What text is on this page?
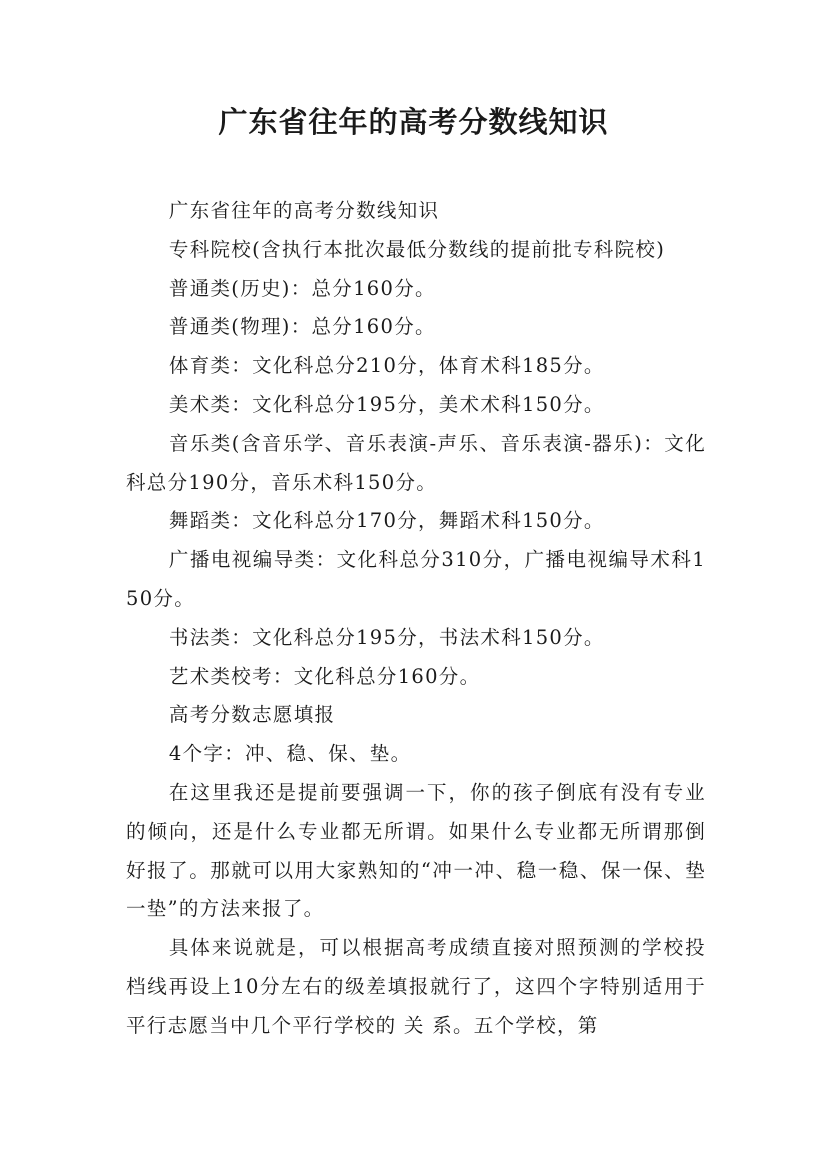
广东省往年的高考分数线知识

广东省往年的高考分数线知识

专科院校(含执行本批次最低分数线的提前批专科院校)

普通类(历史)：总分160分。

普通类(物理)：总分160分。

体育类：文化科总分210分，体育术科185分。

美术类：文化科总分195分，美术术科150分。

音乐类(含音乐学、音乐表演-声乐、音乐表演-器乐)：文化科总分190分，音乐术科150分。

舞蹈类：文化科总分170分，舞蹈术科150分。

广播电视编导类：文化科总分310分，广播电视编导术科150分。

书法类：文化科总分195分，书法术科150分。

艺术类校考：文化科总分160分。

高考分数志愿填报

4个字：冲、稳、保、垫。

在这里我还是提前要强调一下，你的孩子倒底有没有专业的倾向，还是什么专业都无所谓。如果什么专业都无所谓那倒好报了。那就可以用大家熟知的“冲一冲、稳一稳、保一保、垫一垫”的方法来报了。

具体来说就是，可以根据高考成绩直接对照预测的学校投档线再设上10分左右的级差填报就行了，这四个字特别适用于平行志愿当中几个平行学校的 关 系。五个学校，第
